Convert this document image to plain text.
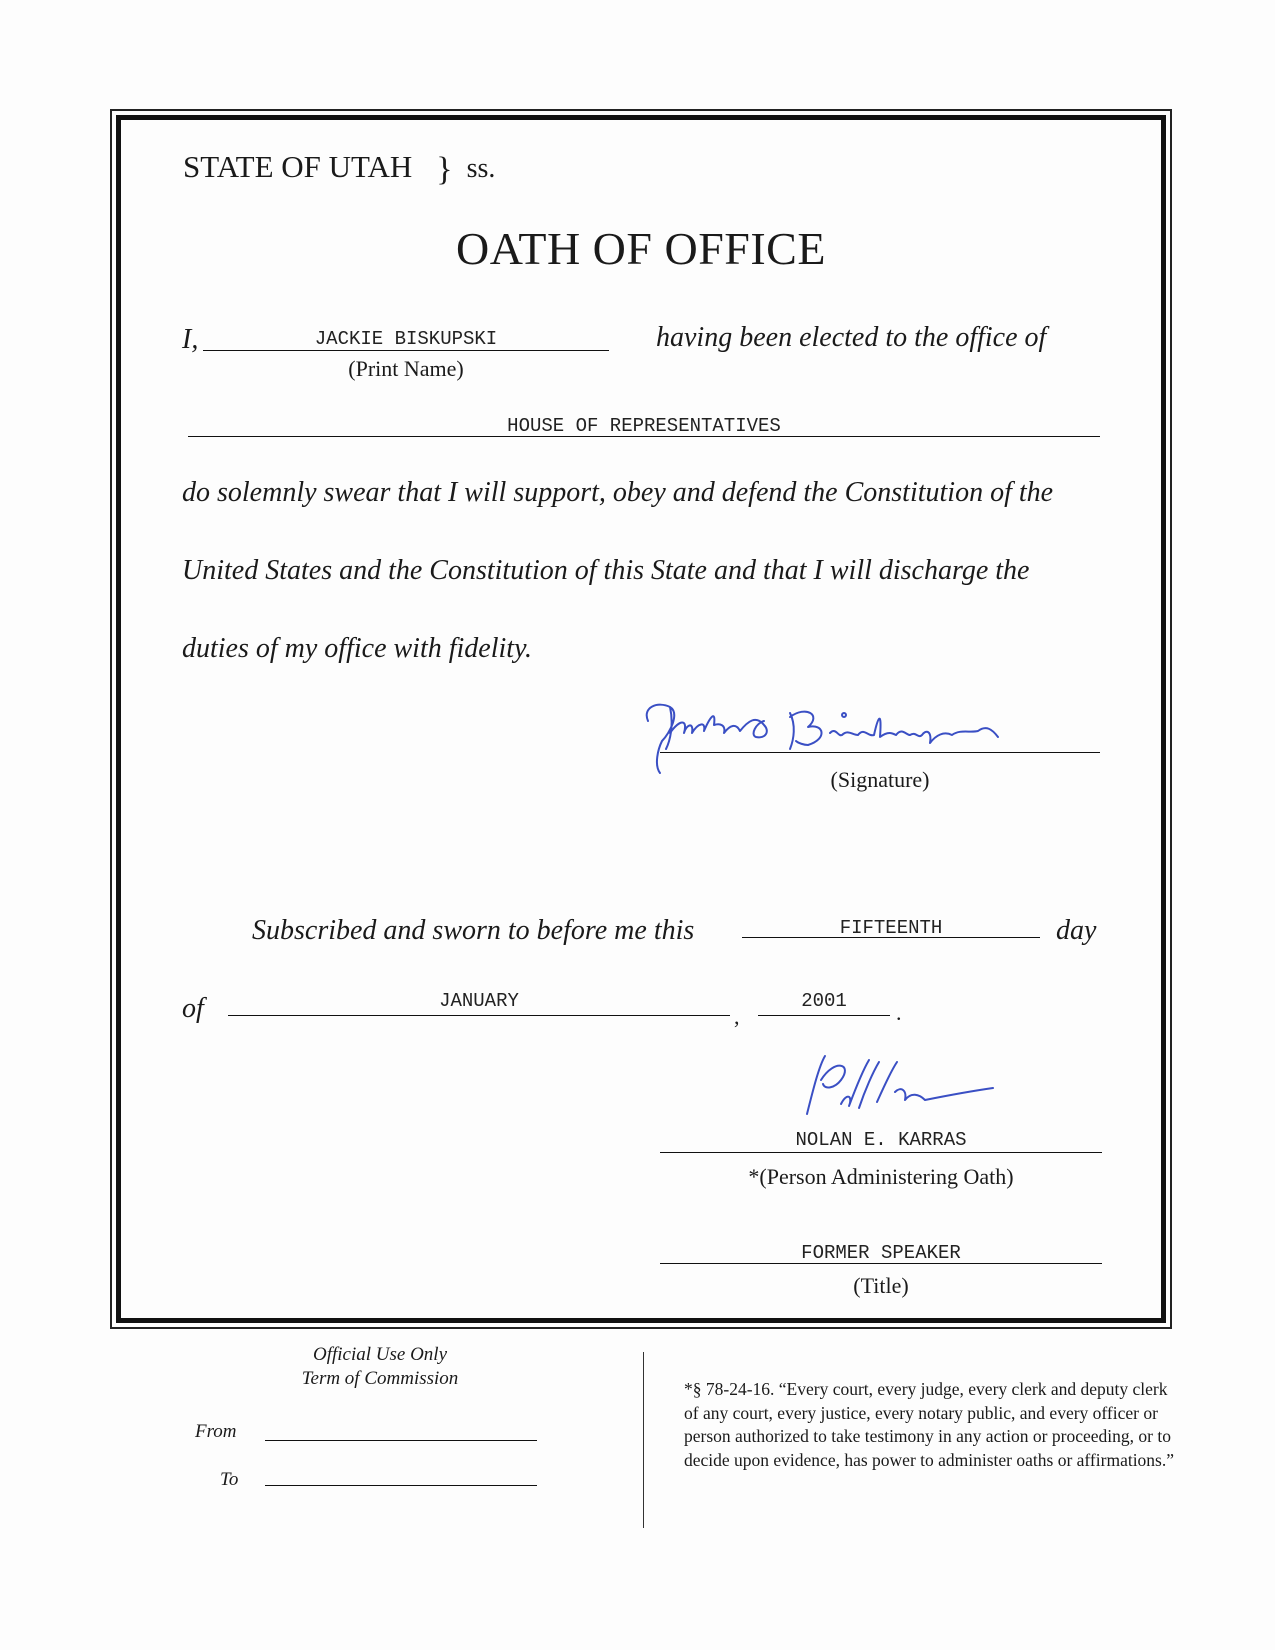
STATE OF UTAH } ss.
OATH OF OFFICE
I,	JACKIE BISKUPSKI
(Print Name)
having been elected to the office of
HOUSE OF REPRESENTATIVES
do solemnly swear that I will support, obey and defend the Constitution of the
United States and the Constitution of this State and that I will discharge the
duties of my office with fidelity.
(Signature)
Subscribed and sworn to before me this	FIFTEENTH	day
of	JANUARY
,
2001	.
NOLAN E. KARRAS
*(Person Administering Oath)
FORMER SPEAKER
(Title)
Official Use Only
Term of Commission
From
To
*§ 78-24-16. “Every court, every judge, every clerk and deputy clerk of any court, every justice, every notary public, and every officer or person authorized to take testimony in any action or proceeding, or to decide upon evidence, has power to administer oaths or affirmations.”
